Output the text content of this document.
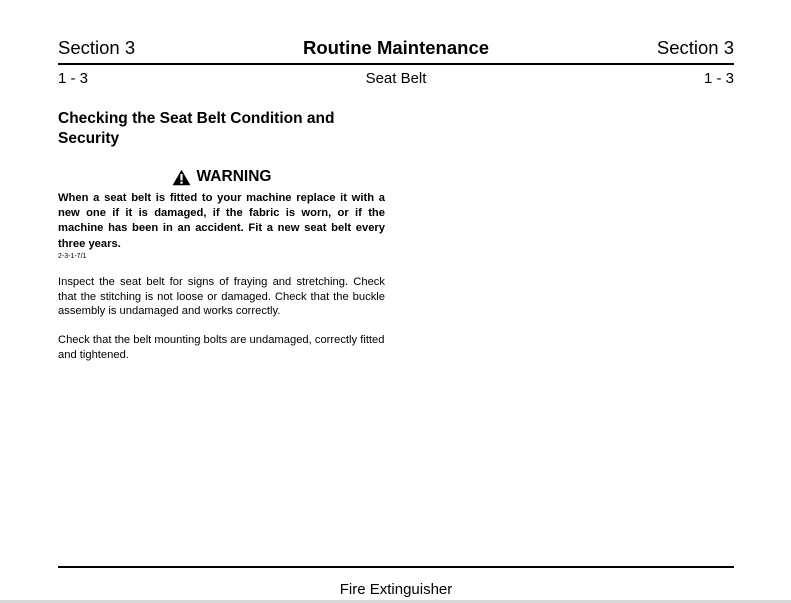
Section 3	Routine Maintenance	Section 3
1 - 3	Seat Belt	1 - 3
Checking the Seat Belt Condition and Security
WARNING
When a seat belt is fitted to your machine replace it with a new one if it is damaged, if the fabric is worn, or if the machine has been in an accident. Fit a new seat belt every three years.
2-3-1-7/1

Inspect the seat belt for signs of fraying and stretching. Check that the stitching is not loose or damaged. Check that the buckle assembly is undamaged and works correctly.

Check that the belt mounting bolts are undamaged, correctly fitted and tightened.

Fire Extinguisher
